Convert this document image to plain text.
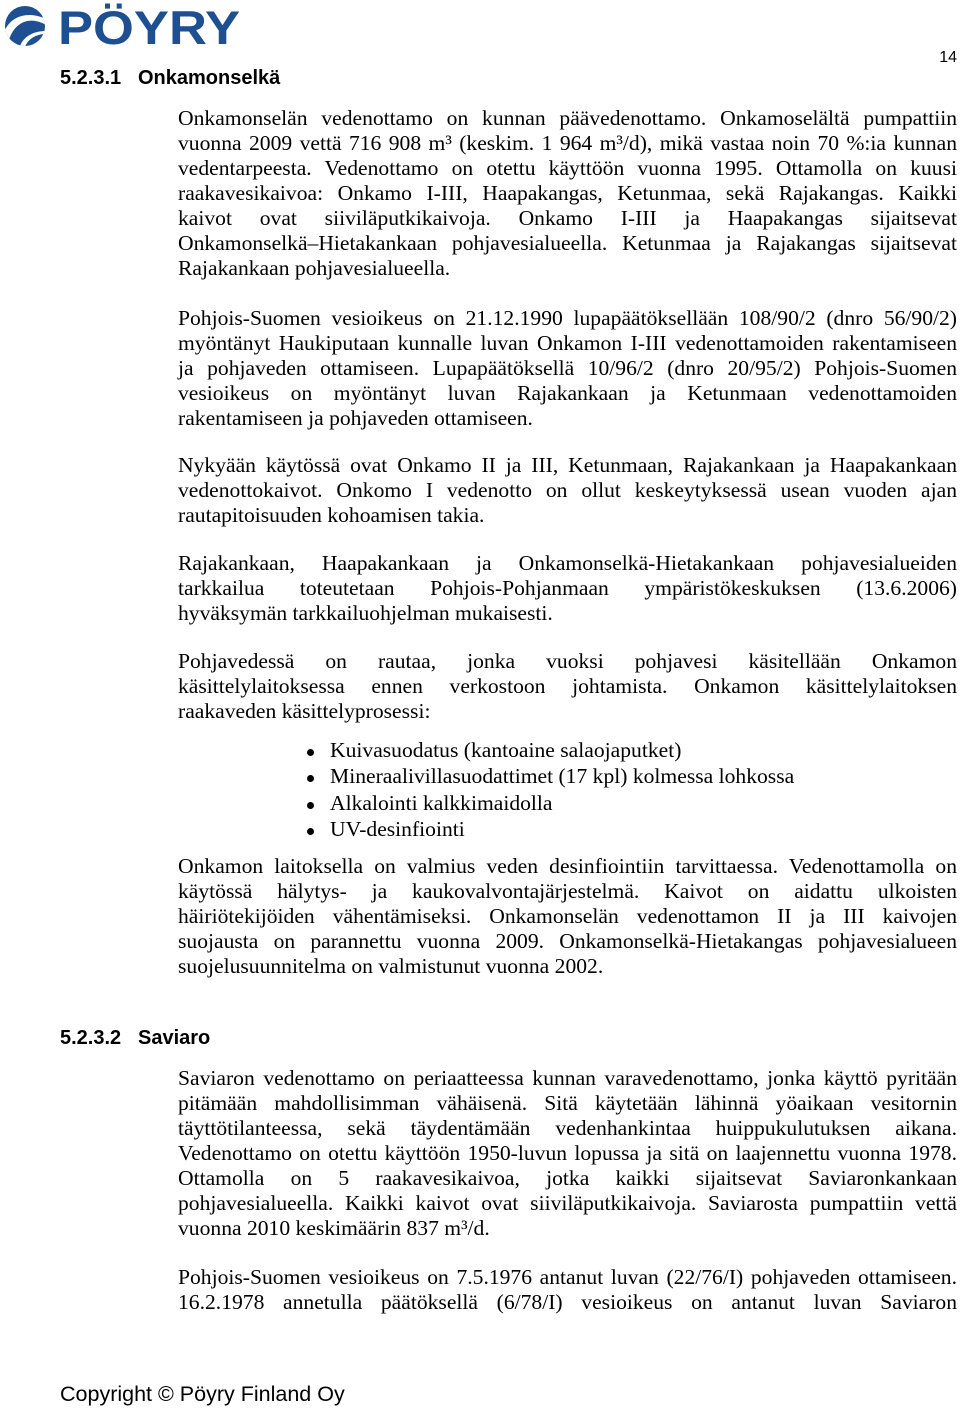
PÖYRY
14
5.2.3.1 Onkamonselkä
Onkamonselän vedenottamo on kunnan päävedenottamo. Onkamoselältä pumpattiin
vuonna 2009 vettä 716 908 m³ (keskim. 1 964 m³/d), mikä vastaa noin 70 %:ia kunnan
vedentarpeesta. Vedenottamo on otettu käyttöön vuonna 1995. Ottamolla on kuusi
raakavesikaivoa: Onkamo I-III, Haapakangas, Ketunmaa, sekä Rajakangas. Kaikki
kaivot ovat siiviläputkikaivoja. Onkamo I-III ja Haapakangas sijaitsevat
Onkamonselkä–Hietakankaan pohjavesialueella. Ketunmaa ja Rajakangas sijaitsevat
Rajakankaan pohjavesialueella.
Pohjois-Suomen vesioikeus on 21.12.1990 lupapäätöksellään 108/90/2 (dnro 56/90/2)
myöntänyt Haukiputaan kunnalle luvan Onkamon I-III vedenottamoiden rakentamiseen
ja pohjaveden ottamiseen. Lupapäätöksellä 10/96/2 (dnro 20/95/2) Pohjois-Suomen
vesioikeus on myöntänyt luvan Rajakankaan ja Ketunmaan vedenottamoiden
rakentamiseen ja pohjaveden ottamiseen.
Nykyään käytössä ovat Onkamo II ja III, Ketunmaan, Rajakankaan ja Haapakankaan
vedenottokaivot. Onkomo I vedenotto on ollut keskeytyksessä usean vuoden ajan
rautapitoisuuden kohoamisen takia.
Rajakankaan, Haapakankaan ja Onkamonselkä-Hietakankaan pohjavesialueiden
tarkkailua toteutetaan Pohjois-Pohjanmaan ympäristökeskuksen (13.6.2006)
hyväksymän tarkkailuohjelman mukaisesti.
Pohjavedessä on rautaa, jonka vuoksi pohjavesi käsitellään Onkamon
käsittelylaitoksessa ennen verkostoon johtamista. Onkamon käsittelylaitoksen
raakaveden käsittelyprosessi:
Kuivasuodatus (kantoaine salaojaputket)
Mineraalivillasuodattimet (17 kpl) kolmessa lohkossa
Alkalointi kalkkimaidolla
UV-desinfiointi
Onkamon laitoksella on valmius veden desinfiointiin tarvittaessa. Vedenottamolla on
käytössä hälytys- ja kaukovalvontajärjestelmä. Kaivot on aidattu ulkoisten
häiriötekijöiden vähentämiseksi. Onkamonselän vedenottamon II ja III kaivojen
suojausta on parannettu vuonna 2009. Onkamonselkä-Hietakangas pohjavesialueen
suojelusuunnitelma on valmistunut vuonna 2002.
5.2.3.2 Saviaro
Saviaron vedenottamo on periaatteessa kunnan varavedenottamo, jonka käyttö pyritään
pitämään mahdollisimman vähäisenä. Sitä käytetään lähinnä yöaikaan vesitornin
täyttötilanteessa, sekä täydentämään vedenhankintaa huippukulutuksen aikana.
Vedenottamo on otettu käyttöön 1950-luvun lopussa ja sitä on laajennettu vuonna 1978.
Ottamolla on 5 raakavesikaivoa, jotka kaikki sijaitsevat Saviaronkankaan
pohjavesialueella. Kaikki kaivot ovat siiviläputkikaivoja. Saviarosta pumpattiin vettä
vuonna 2010 keskimäärin 837 m³/d.
Pohjois-Suomen vesioikeus on 7.5.1976 antanut luvan (22/76/I) pohjaveden ottamiseen.
16.2.1978 annetulla päätöksellä (6/78/I) vesioikeus on antanut luvan Saviaron
Copyright © Pöyry Finland Oy
